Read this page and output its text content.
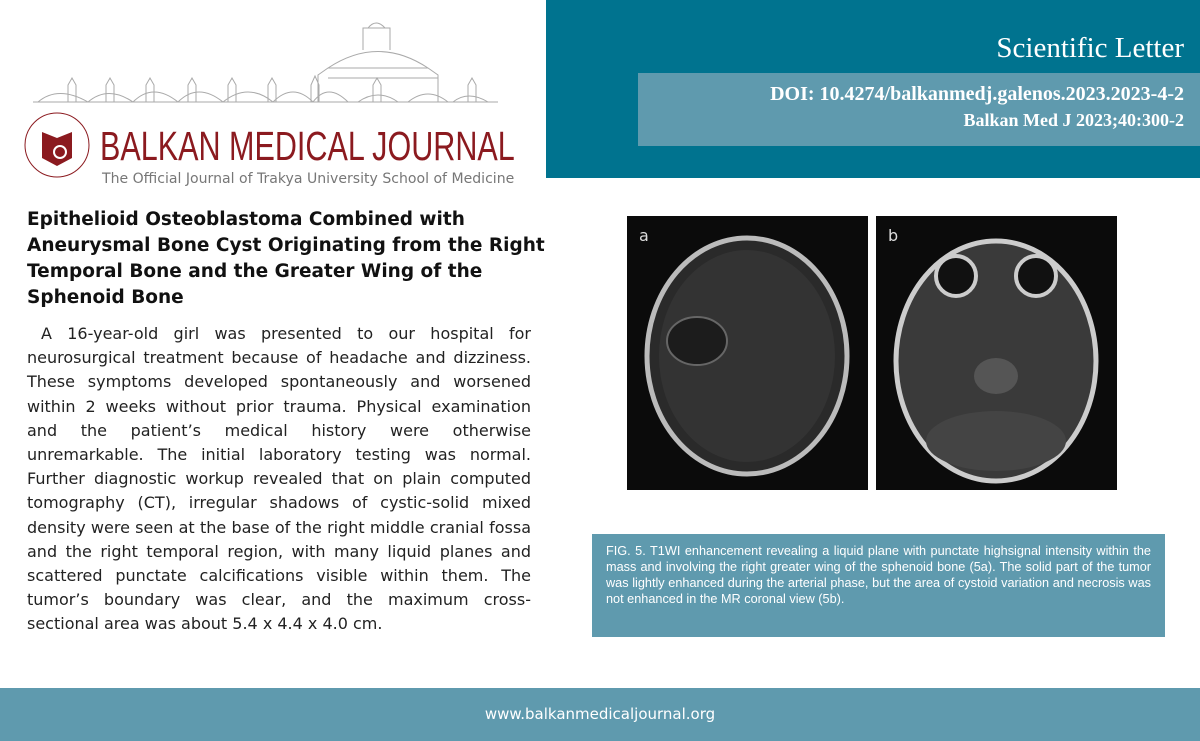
BALKAN MEDICAL JOURNAL
The Official Journal of Trakya University School of Medicine
Scientific Letter
DOI: 10.4274/balkanmedj.galenos.2023.2023-4-2
Balkan Med J 2023;40:300-2
Epithelioid Osteoblastoma Combined with Aneurysmal Bone Cyst Originating from the Right Temporal Bone and the Greater Wing of the Sphenoid Bone

A 16-year-old girl was presented to our hospital for neurosurgical treatment because of headache and dizziness. These symptoms developed spontaneously and worsened within 2 weeks without prior trauma. Physical examination and the patient’s medical history were otherwise unremarkable. The initial laboratory testing was normal. Further diagnostic workup revealed that on plain computed tomography (CT), irregular shadows of cystic-solid mixed density were seen at the base of the right middle cranial fossa and the right temporal region, with many liquid planes and scattered punctate calcifications visible within them. The tumor’s boundary was clear, and the maximum cross-sectional area was about 5.4 x 4.4 x 4.0 cm.

a	b
FIG. 5. T1WI enhancement revealing a liquid plane with punctate highsignal intensity within the mass and involving the right greater wing of the sphenoid bone (5a). The solid part of the tumor was lightly enhanced during the arterial phase, but the area of cystoid variation and necrosis was not enhanced in the MR coronal view (5b).
www.balkanmedicaljournal.org
